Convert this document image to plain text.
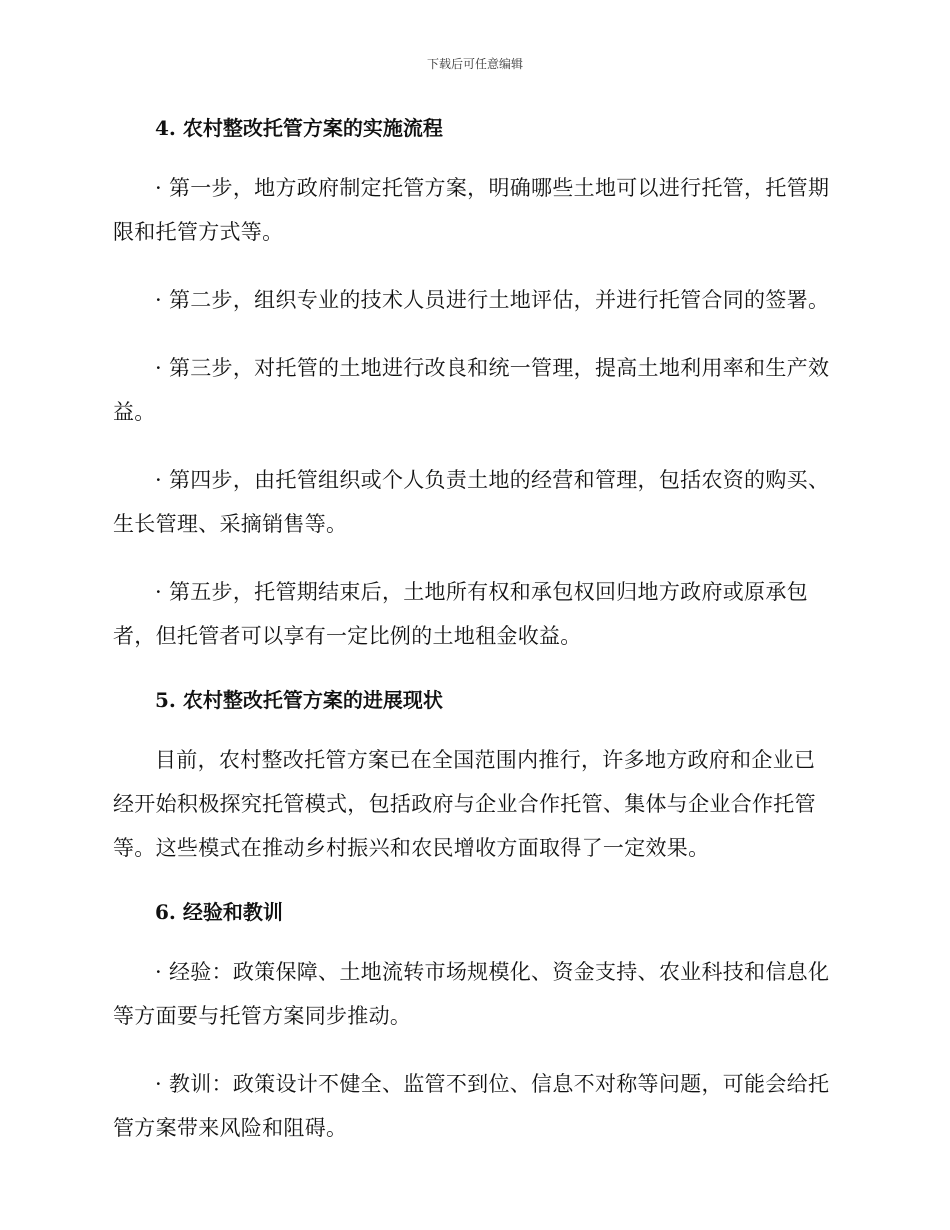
下载后可任意编辑
4. 农村整改托管方案的实施流程

· 第一步，地方政府制定托管方案，明确哪些土地可以进行托管，托管期限和托管方式等。

· 第二步，组织专业的技术人员进行土地评估，并进行托管合同的签署。

· 第三步，对托管的土地进行改良和统一管理，提高土地利用率和生产效益。

· 第四步，由托管组织或个人负责土地的经营和管理，包括农资的购买、生长管理、采摘销售等。

· 第五步，托管期结束后，土地所有权和承包权回归地方政府或原承包者，但托管者可以享有一定比例的土地租金收益。

5. 农村整改托管方案的进展现状

目前，农村整改托管方案已在全国范围内推行，许多地方政府和企业已经开始积极探究托管模式，包括政府与企业合作托管、集体与企业合作托管等。这些模式在推动乡村振兴和农民增收方面取得了一定效果。

6. 经验和教训

· 经验：政策保障、土地流转市场规模化、资金支持、农业科技和信息化等方面要与托管方案同步推动。

· 教训：政策设计不健全、监管不到位、信息不对称等问题，可能会给托管方案带来风险和阻碍。
